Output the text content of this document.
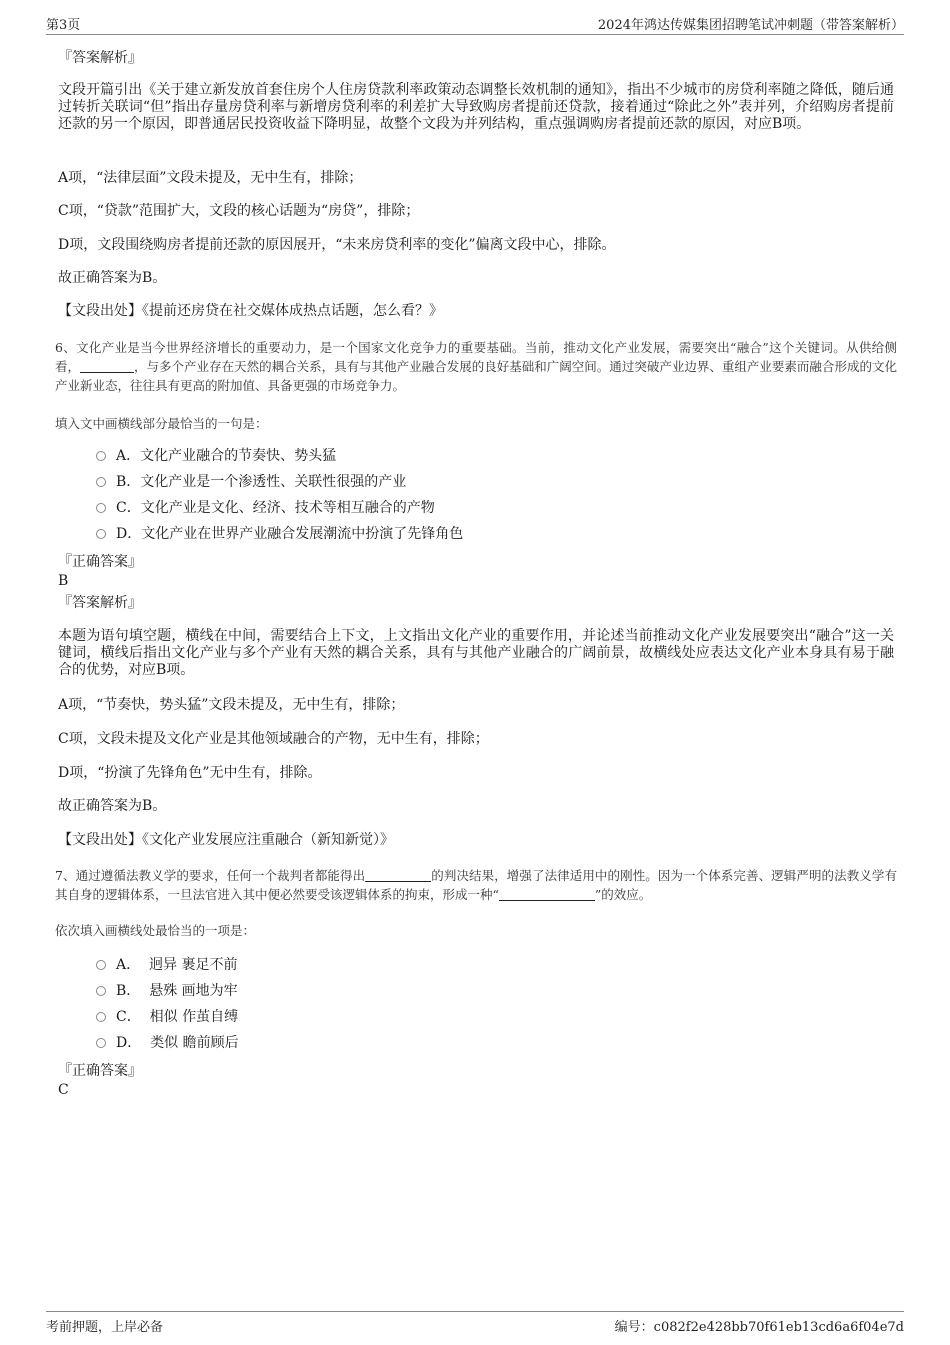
第3页	2024年鸿达传媒集团招聘笔试冲刺题（带答案解析）
『答案解析』
文段开篇引出《关于建立新发放首套住房个人住房贷款利率政策动态调整长效机制的通知》，指出不少城市的房贷利率随之降低，随后通过转折关联词“但”指出存量房贷利率与新增房贷利率的利差扩大导致购房者提前还贷款，接着通过“除此之外”表并列，介绍购房者提前还款的另一个原因，即普通居民投资收益下降明显，故整个文段为并列结构，重点强调购房者提前还款的原因，对应B项。
A项，“法律层面”文段未提及，无中生有，排除；
C项，“贷款”范围扩大，文段的核心话题为“房贷”，排除；
D项，文段围绕购房者提前还款的原因展开，“未来房贷利率的变化”偏离文段中心，排除。
故正确答案为B。
【文段出处】《提前还房贷在社交媒体成热点话题，怎么看？》
6、文化产业是当今世界经济增长的重要动力，是一个国家文化竞争力的重要基础。当前，推动文化产业发展，需要突出“融合”这个关键词。从供给侧看，	，与多个产业存在天然的耦合关系，具有与其他产业融合发展的良好基础和广阔空间。通过突破产业边界、重组产业要素而融合形成的文化产业新业态，往往具有更高的附加值、具备更强的市场竞争力。
填入文中画横线部分最恰当的一句是：
A．文化产业融合的节奏快、势头猛
B．文化产业是一个渗透性、关联性很强的产业
C．文化产业是文化、经济、技术等相互融合的产物
D．文化产业在世界产业融合发展潮流中扮演了先锋角色
『正确答案』
B
『答案解析』
本题为语句填空题，横线在中间，需要结合上下文，上文指出文化产业的重要作用，并论述当前推动文化产业发展要突出“融合”这一关键词，横线后指出文化产业与多个产业有天然的耦合关系，具有与其他产业融合的广阔前景，故横线处应表达文化产业本身具有易于融合的优势，对应B项。
A项，“节奏快，势头猛”文段未提及，无中生有，排除；
C项，文段未提及文化产业是其他领域融合的产物，无中生有，排除；
D项，“扮演了先锋角色”无中生有，排除。
故正确答案为B。
【文段出处】《文化产业发展应注重融合（新知新觉）》
7、通过遵循法教义学的要求，任何一个裁判者都能得出	的判决结果，增强了法律适用中的刚性。因为一个体系完善、逻辑严明的法教义学有其自身的逻辑体系，一旦法官进入其中便必然要受该逻辑体系的拘束，形成一种“	”的效应。
依次填入画横线处最恰当的一项是：
A． 迥异 裹足不前
B． 悬殊 画地为牢
C． 相似 作茧自缚
D． 类似 瞻前顾后
『正确答案』
C
考前押题，上岸必备	编号：c082f2e428bb70f61eb13cd6a6f04e7d
